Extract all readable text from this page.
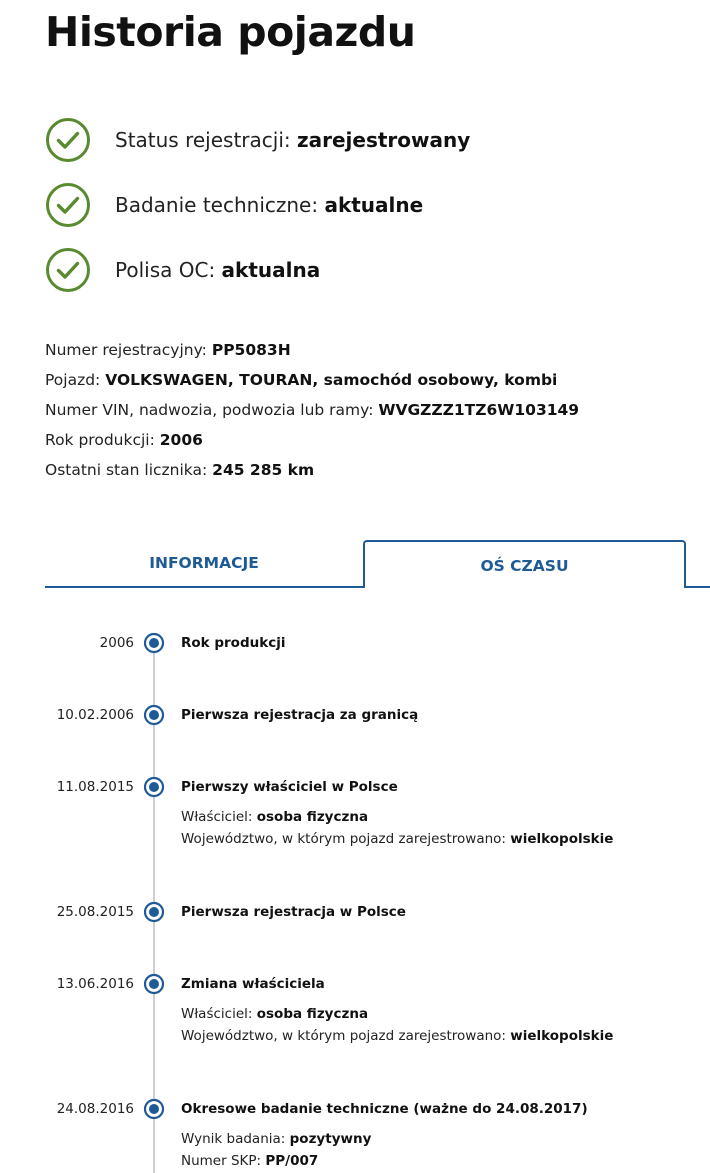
Historia pojazdu
Status rejestracji: zarejestrowany
Badanie techniczne: aktualne
Polisa OC: aktualna
Numer rejestracyjny: PP5083H
Pojazd: VOLKSWAGEN, TOURAN, samochód osobowy, kombi
Numer VIN, nadwozia, podwozia lub ramy: WVGZZZ1TZ6W103149
Rok produkcji: 2006
Ostatni stan licznika: 245 285 km
INFORMACJE	OŚ CZASU
2006	Rok produkcji
10.02.2006	Pierwsza rejestracja za granicą
11.08.2015	Pierwszy właściciel w Polsce
Właściciel: osoba fizyczna
Województwo, w którym pojazd zarejestrowano: wielkopolskie
25.08.2015	Pierwsza rejestracja w Polsce
13.06.2016	Zmiana właściciela
Właściciel: osoba fizyczna
Województwo, w którym pojazd zarejestrowano: wielkopolskie
24.08.2016	Okresowe badanie techniczne (ważne do 24.08.2017)
Wynik badania: pozytywny
Numer SKP: PP/007
